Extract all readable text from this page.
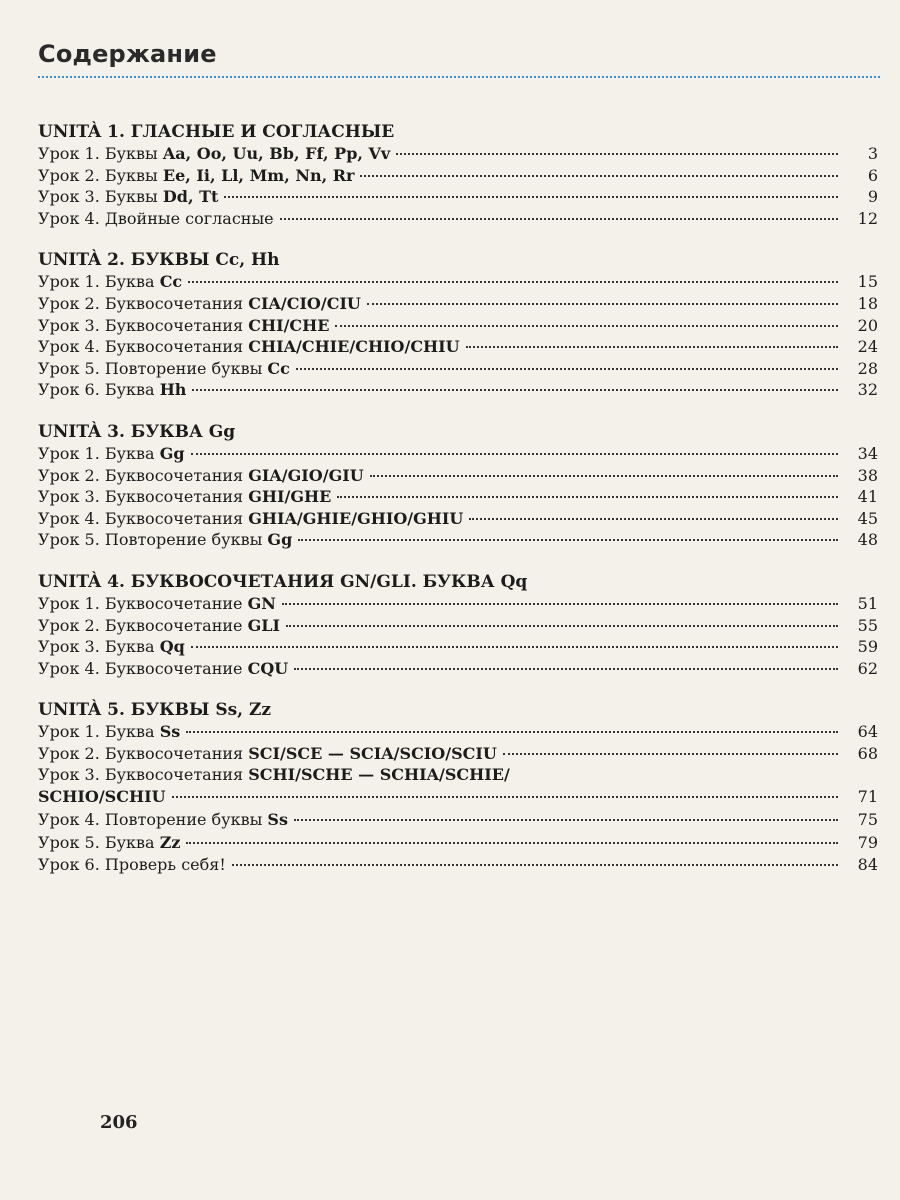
Содержание
UNITÀ 1. ГЛАСНЫЕ И СОГЛАСНЫЕ
Урок 1. Буквы Aa, Oo, Uu, Bb, Ff, Pp, Vv	3
Урок 2. Буквы Ee, Ii, Ll, Mm, Nn, Rr	6
Урок 3. Буквы Dd, Tt	9
Урок 4. Двойные согласные	12
UNITÀ 2. БУКВЫ Cc, Hh
Урок 1. Буква Cc	15
Урок 2. Буквосочетания CIA/CIO/CIU	18
Урок 3. Буквосочетания CHI/CHE	20
Урок 4. Буквосочетания CHIA/CHIE/CHIO/CHIU	24
Урок 5. Повторение буквы Cc	28
Урок 6. Буква Hh	32
UNITÀ 3. БУКВА Gg
Урок 1. Буква Gg	34
Урок 2. Буквосочетания GIA/GIO/GIU	38
Урок 3. Буквосочетания GHI/GHE	41
Урок 4. Буквосочетания GHIA/GHIE/GHIO/GHIU	45
Урок 5. Повторение буквы Gg	48
UNITÀ 4. БУКВОСОЧЕТАНИЯ GN/GLI. БУКВА Qq
Урок 1. Буквосочетание GN	51
Урок 2. Буквосочетание GLI	55
Урок 3. Буква Qq	59
Урок 4. Буквосочетание CQU	62
UNITÀ 5. БУКВЫ Ss, Zz
Урок 1. Буква Ss	64
Урок 2. Буквосочетания SCI/SCE — SCIA/SCIO/SCIU	68
Урок 3. Буквосочетания SCHI/SCHE — SCHIA/SCHIE/
SCHIO/SCHIU	71
Урок 4. Повторение буквы Ss	75
Урок 5. Буква Zz	79
Урок 6. Проверь себя!	84
206
